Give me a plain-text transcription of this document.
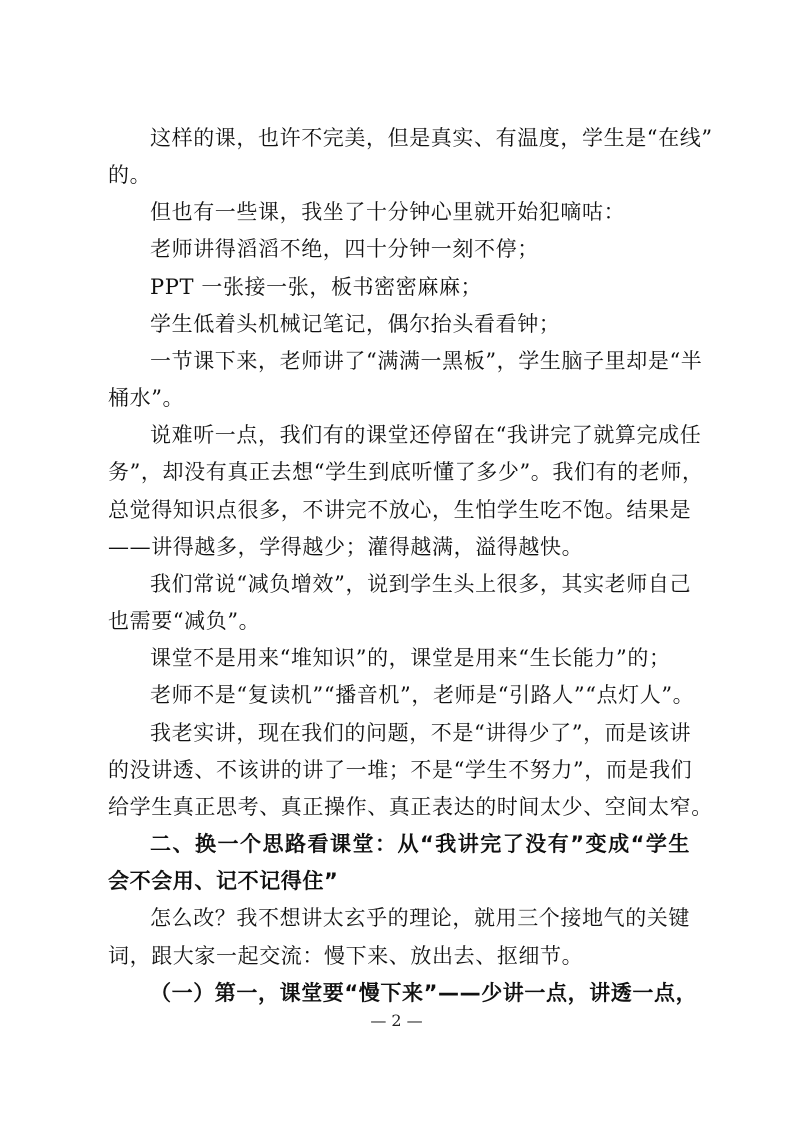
这样的课，也许不完美，但是真实、有温度，学生是“在线”
的。
但也有一些课，我坐了十分钟心里就开始犯嘀咕：
老师讲得滔滔不绝，四十分钟一刻不停；
PPT 一张接一张，板书密密麻麻；
学生低着头机械记笔记，偶尔抬头看看钟；
一节课下来，老师讲了“满满一黑板”，学生脑子里却是“半
桶水”。
说难听一点，我们有的课堂还停留在“我讲完了就算完成任
务”，却没有真正去想“学生到底听懂了多少”。我们有的老师，
总觉得知识点很多，不讲完不放心，生怕学生吃不饱。结果是
——讲得越多，学得越少；灌得越满，溢得越快。
我们常说“减负增效”，说到学生头上很多，其实老师自己
也需要“减负”。
课堂不是用来“堆知识”的，课堂是用来“生长能力”的；
老师不是“复读机”“播音机”，老师是“引路人”“点灯人”。
我老实讲，现在我们的问题，不是“讲得少了”，而是该讲
的没讲透、不该讲的讲了一堆；不是“学生不努力”，而是我们
给学生真正思考、真正操作、真正表达的时间太少、空间太窄。
二、换一个思路看课堂：从“我讲完了没有”变成“学生
会不会用、记不记得住”
怎么改？我不想讲太玄乎的理论，就用三个接地气的关键
词，跟大家一起交流：慢下来、放出去、抠细节。
（一）第一，课堂要“慢下来”——少讲一点，讲透一点，
— 2 —
